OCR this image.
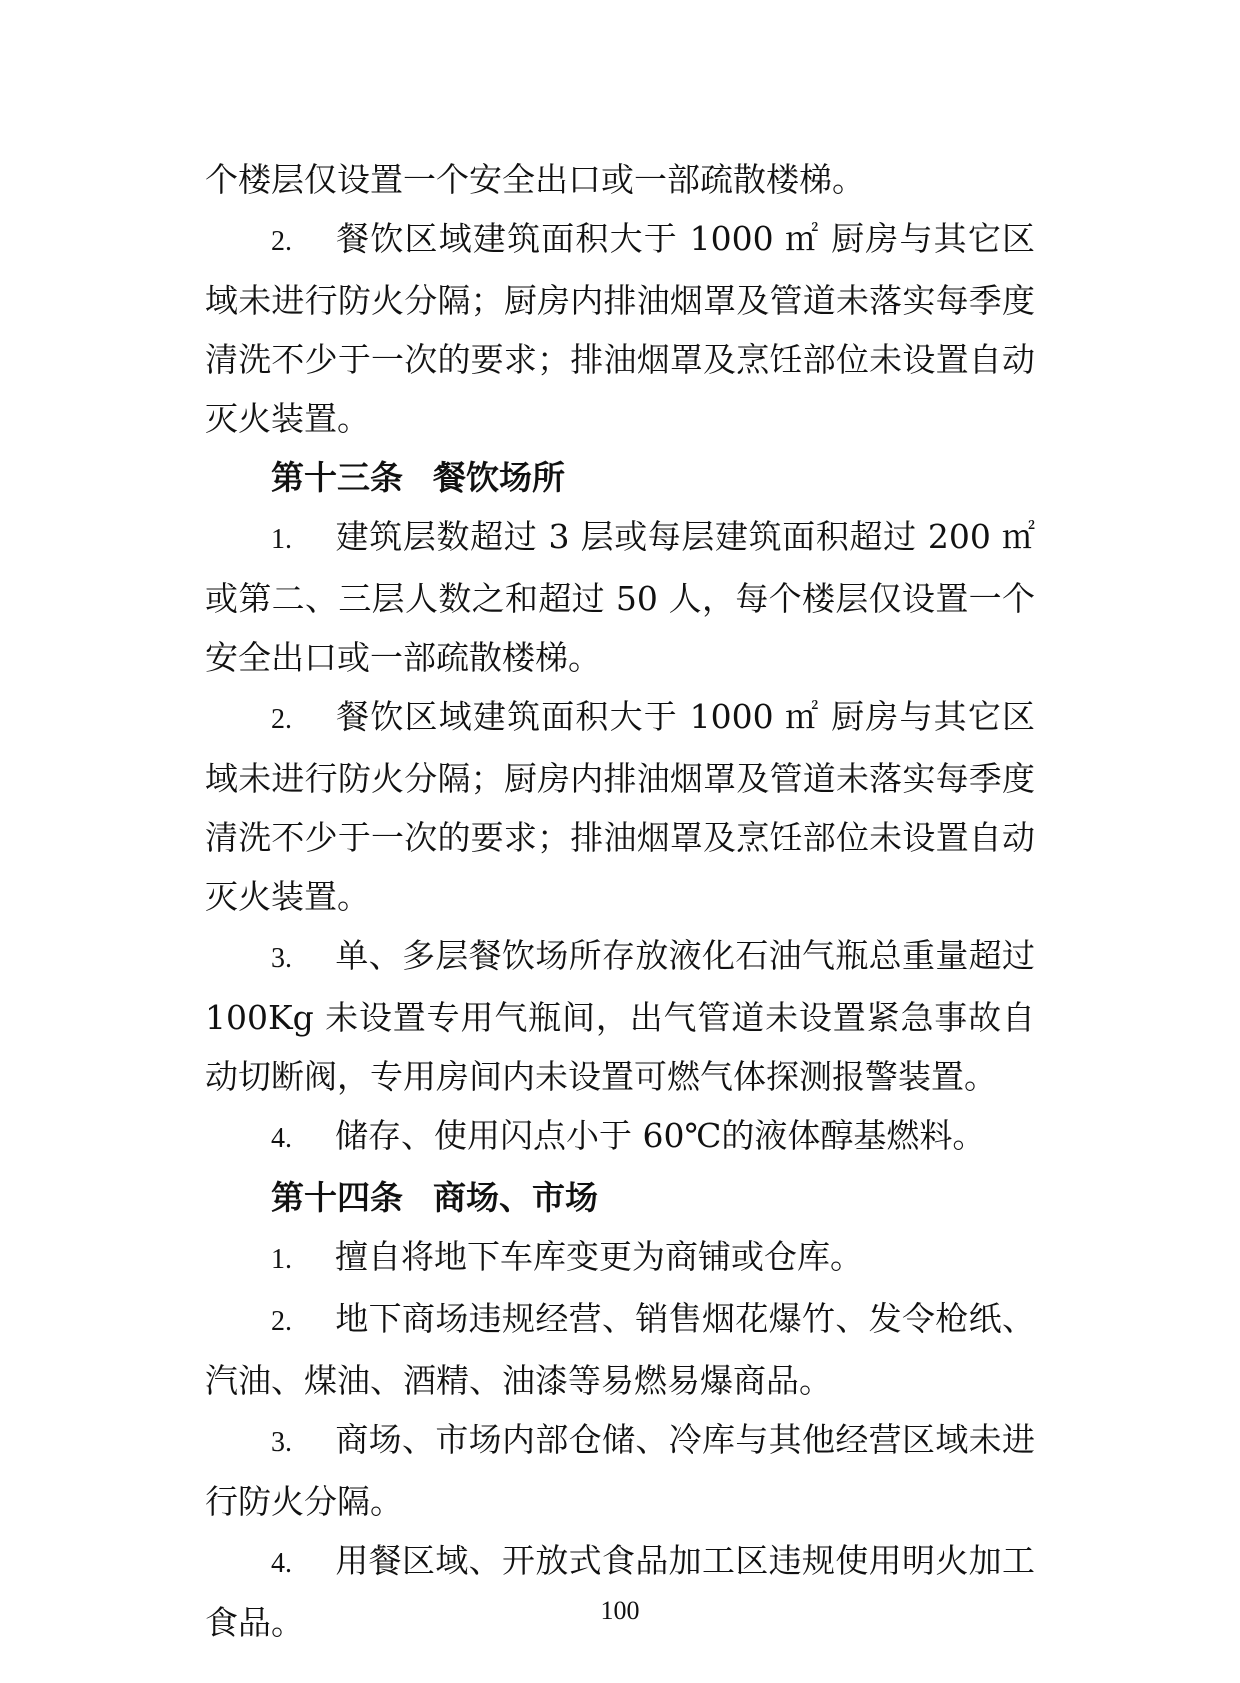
个楼层仅设置一个安全出口或一部疏散楼梯。

2. 餐饮区域建筑面积大于 1000 ㎡ 厨房与其它区域未进行防火分隔；厨房内排油烟罩及管道未落实每季度清洗不少于一次的要求；排油烟罩及烹饪部位未设置自动灭火装置。

第十三条 餐饮场所

1. 建筑层数超过 3 层或每层建筑面积超过 200 ㎡或第二、三层人数之和超过 50 人，每个楼层仅设置一个安全出口或一部疏散楼梯。

2. 餐饮区域建筑面积大于 1000 ㎡ 厨房与其它区域未进行防火分隔；厨房内排油烟罩及管道未落实每季度清洗不少于一次的要求；排油烟罩及烹饪部位未设置自动灭火装置。

3. 单、多层餐饮场所存放液化石油气瓶总重量超过 100Kg 未设置专用气瓶间，出气管道未设置紧急事故自动切断阀，专用房间内未设置可燃气体探测报警装置。

4. 储存、使用闪点小于 60℃的液体醇基燃料。

第十四条 商场、市场

1. 擅自将地下车库变更为商铺或仓库。

2. 地下商场违规经营、销售烟花爆竹、发令枪纸、汽油、煤油、酒精、油漆等易燃易爆商品。

3. 商场、市场内部仓储、冷库与其他经营区域未进行防火分隔。

4. 用餐区域、开放式食品加工区违规使用明火加工食品。	100
